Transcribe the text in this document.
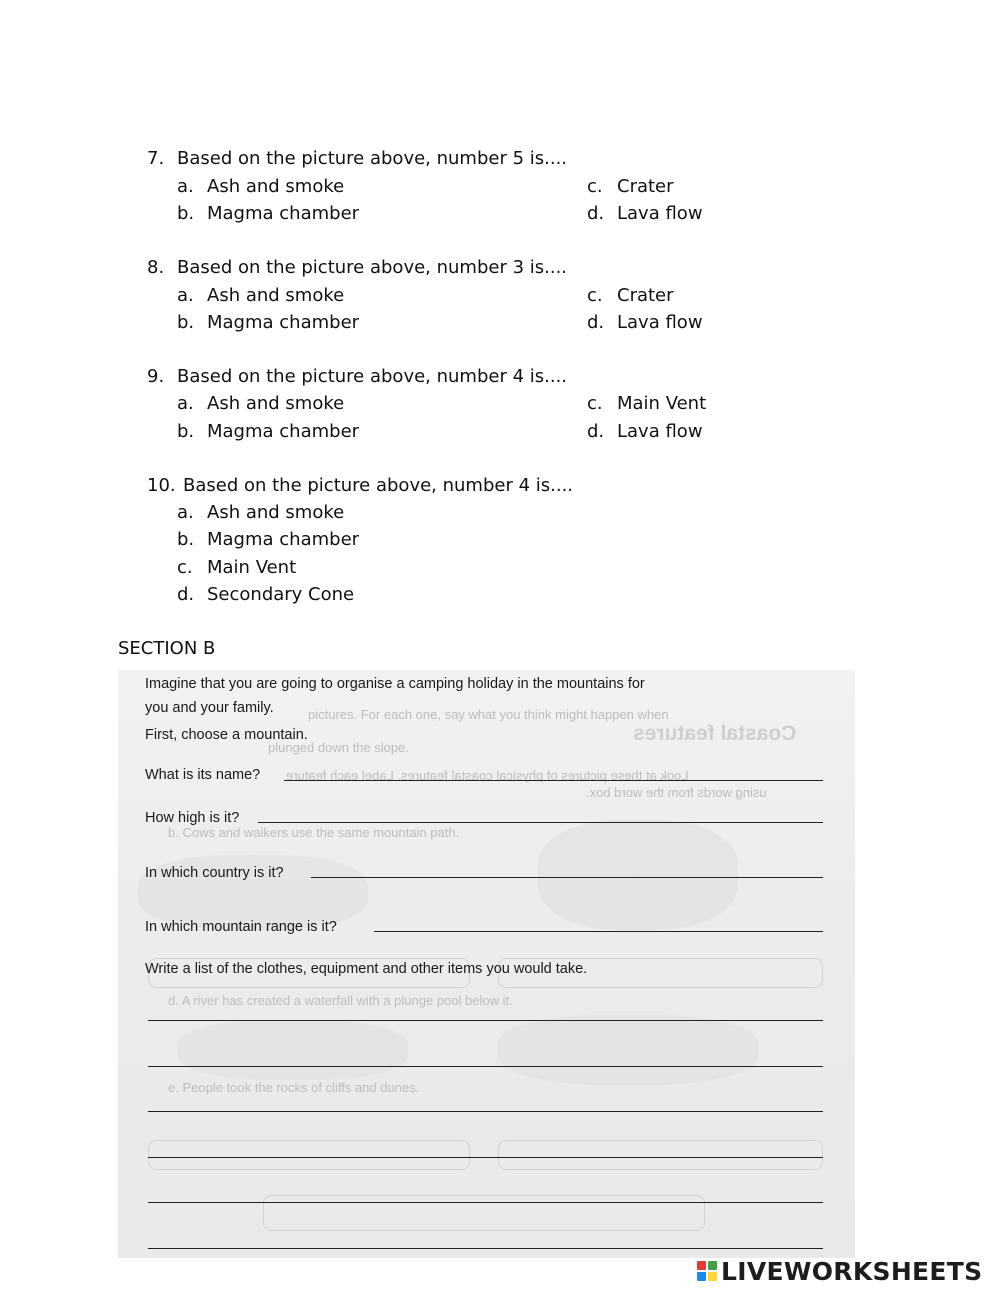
7. Based on the picture above, number 5 is....
a. Ash and smoke
b. Magma chamber
c. Crater
d. Lava flow
8. Based on the picture above, number 3 is....
a. Ash and smoke
b. Magma chamber
c. Crater
d. Lava flow
9. Based on the picture above, number 4 is....
a. Ash and smoke
b. Magma chamber
c. Main Vent
d. Lava flow
10. Based on the picture above, number 4 is....
a. Ash and smoke
b. Magma chamber
c. Main Vent
d. Secondary Cone
SECTION B
Coastal features
Look at these pictures of physical coastal features. Label each feature
using words from the word box.
pictures. For each one, say what you think might happen when
plunged down the slope.
b. Cows and walkers use the same mountain path.
d. A river has created a waterfall with a plunge pool below it.
e. People took the rocks of cliffs and dunes.
Imagine that you are going to organise a camping holiday in the mountains for
you and your family.
First, choose a mountain.
What is its name?
How high is it?
In which country is it?
In which mountain range is it?
Write a list of the clothes, equipment and other items you would take.
LIVEWORKSHEETS
